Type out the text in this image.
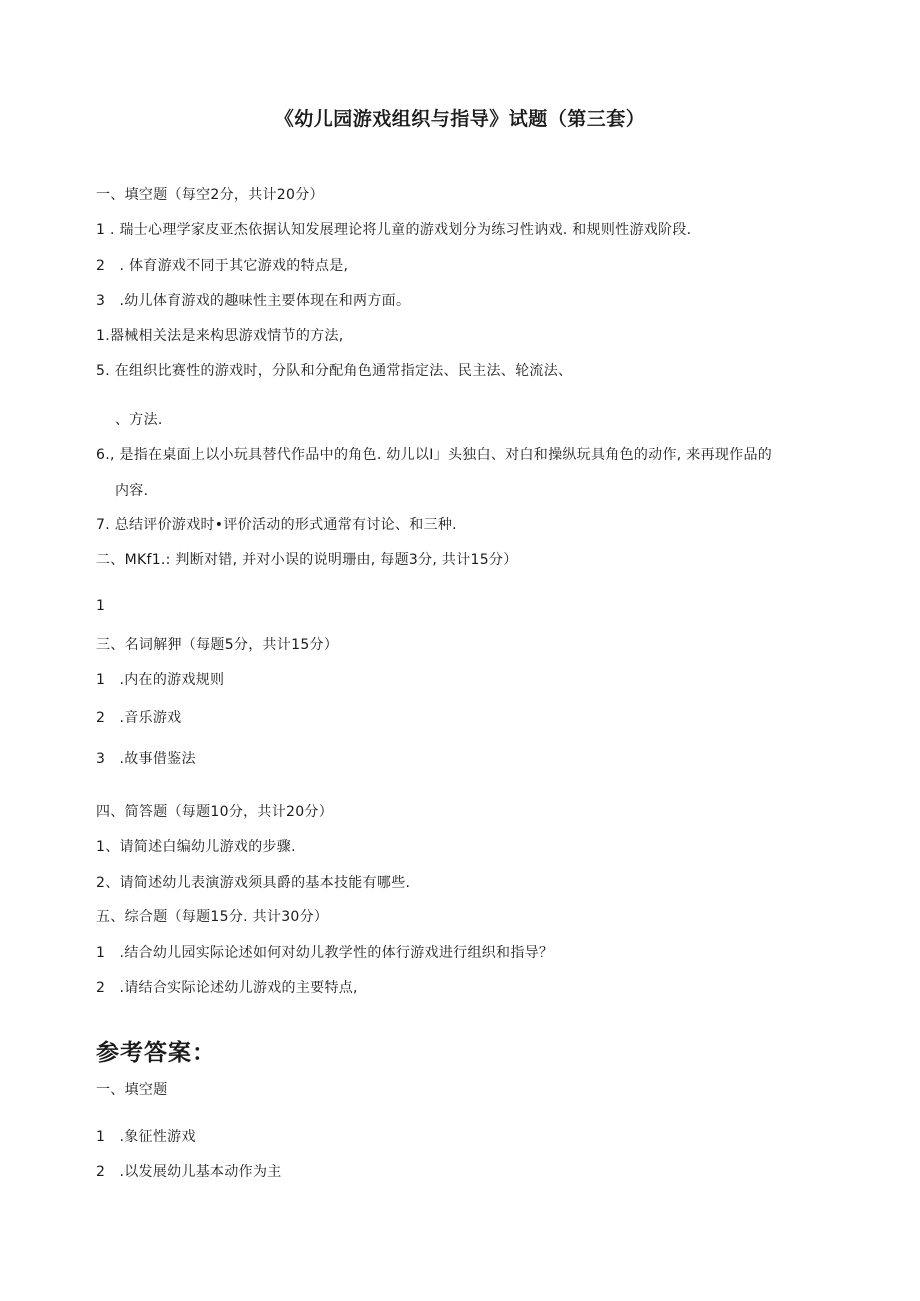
《幼儿园游戏组织与指导》试题（第三套）
一、填空题（每空2分，共计20分）
1 . 瑞士心理学家皮亚杰依据认知发展理论将儿童的游戏划分为练习性讷戏. 和规则性游戏阶段.
2　. 体育游戏不同于其它游戏的特点是,
3　.幼儿体育游戏的趣味性主要体现在和两方面。
1.器械相关法是来构思游戏情节的方法,
5. 在组织比赛性的游戏时，分队和分配角色通常指定法、民主法、轮流法、
、方法.
6., 是指在桌面上以小玩具替代作品中的角色. 幼儿以I」头独白、对白和操纵玩具角色的动作, 来再现作品的
内容.
7. 总结评价游戏时•评价活动的形式通常有讨论、和三种.
二、MKf1.: 判断对错, 并对小误的说明珊由, 每题3分, 共计15分）
1
三、名词解狎（每题5分，共计15分）
1　.内在的游戏规则
2　.音乐游戏
3　.故事借鉴法
四、简答题（每题10分，共计20分）
1、请简述白编幼儿游戏的步骤.
2、请简述幼儿表演游戏须具爵的基本技能有哪些.
五、综合题（每题15分. 共计30分）
1　.结合幼儿园实际论述如何对幼儿教学性的体行游戏进行组织和指导？
2　.请结合实际论述幼儿游戏的主要特点,
参考答案：
一、填空题
1　.象征性游戏
2　.以发展幼儿基本动作为主
